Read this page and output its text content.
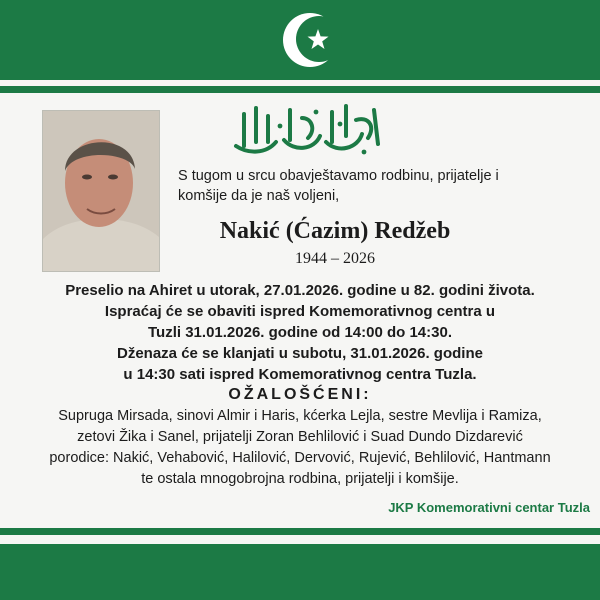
S tugom u srcu obavještavamo rodbinu, prijatelje i
komšije da je naš voljeni,
Nakić (Ćazim) Redžeb
1944 – 2026
Preselio na Ahiret u utorak, 27.01.2026. godine u 82. godini života.
Ispraćaj će se obaviti ispred Komemorativnog centra u
Tuzli 31.01.2026. godine od 14:00 do 14:30.
Dženaza će se klanjati u subotu, 31.01.2026. godine
u 14:30 sati ispred Komemorativnog centra Tuzla.
OŽALOŠĆENI:
Supruga Mirsada, sinovi Almir i Haris, kćerka Lejla, sestre Mevlija i Ramiza,
zetovi Žika i Sanel, prijatelji Zoran Behlilović i Suad Dundo Dizdarević
porodice: Nakić, Vehabović, Halilović, Dervović, Rujević, Behlilović, Hantmann
te ostala mnogobrojna rodbina, prijatelji i komšije.
JKP Komemorativni centar Tuzla
